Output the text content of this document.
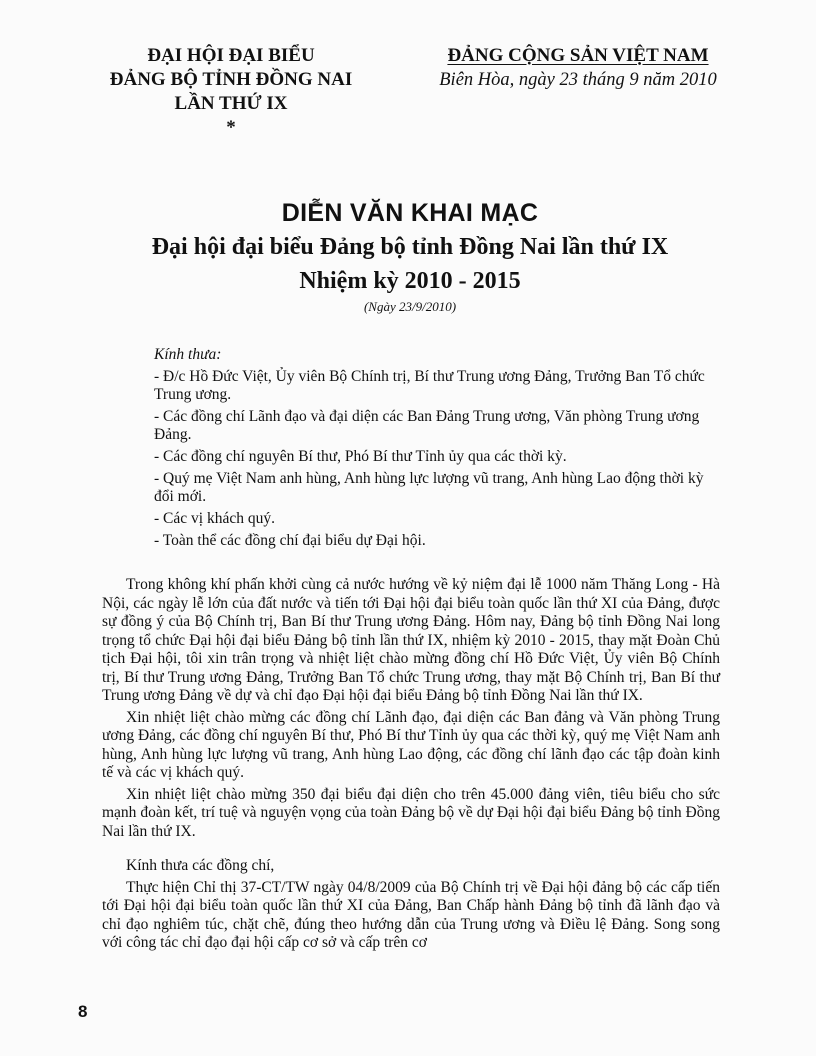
ĐẠI HỘI ĐẠI BIỂU
ĐẢNG BỘ TỈNH ĐỒNG NAI
LẦN THỨ IX
*
ĐẢNG CỘNG SẢN VIỆT NAM
Biên Hòa, ngày 23 tháng 9 năm 2010
DIỄN VĂN KHAI MẠC
Đại hội đại biểu Đảng bộ tỉnh Đồng Nai lần thứ IX
Nhiệm kỳ 2010 - 2015
(Ngày 23/9/2010)
Kính thưa:
- Đ/c Hồ Đức Việt, Ủy viên Bộ Chính trị, Bí thư Trung ương Đảng, Trưởng Ban Tổ chức Trung ương.
- Các đồng chí Lãnh đạo và đại diện các Ban Đảng Trung ương, Văn phòng Trung ương Đảng.
- Các đồng chí nguyên Bí thư, Phó Bí thư Tỉnh ủy qua các thời kỳ.
- Quý mẹ Việt Nam anh hùng, Anh hùng lực lượng vũ trang, Anh hùng Lao động thời kỳ đổi mới.
- Các vị khách quý.
- Toàn thể các đồng chí đại biểu dự Đại hội.

Trong không khí phấn khởi cùng cả nước hướng về kỷ niệm đại lễ 1000 năm Thăng Long - Hà Nội, các ngày lễ lớn của đất nước và tiến tới Đại hội đại biểu toàn quốc lần thứ XI của Đảng, được sự đồng ý của Bộ Chính trị, Ban Bí thư Trung ương Đảng. Hôm nay, Đảng bộ tỉnh Đồng Nai long trọng tổ chức Đại hội đại biểu Đảng bộ tỉnh lần thứ IX, nhiệm kỳ 2010 - 2015, thay mặt Đoàn Chủ tịch Đại hội, tôi xin trân trọng và nhiệt liệt chào mừng đồng chí Hồ Đức Việt, Ủy viên Bộ Chính trị, Bí thư Trung ương Đảng, Trưởng Ban Tổ chức Trung ương, thay mặt Bộ Chính trị, Ban Bí thư Trung ương Đảng về dự và chỉ đạo Đại hội đại biểu Đảng bộ tỉnh Đồng Nai lần thứ IX.

Xin nhiệt liệt chào mừng các đồng chí Lãnh đạo, đại diện các Ban đảng và Văn phòng Trung ương Đảng, các đồng chí nguyên Bí thư, Phó Bí thư Tỉnh ủy qua các thời kỳ, quý mẹ Việt Nam anh hùng, Anh hùng lực lượng vũ trang, Anh hùng Lao động, các đồng chí lãnh đạo các tập đoàn kinh tế và các vị khách quý.

Xin nhiệt liệt chào mừng 350 đại biểu đại diện cho trên 45.000 đảng viên, tiêu biểu cho sức mạnh đoàn kết, trí tuệ và nguyện vọng của toàn Đảng bộ về dự Đại hội đại biểu Đảng bộ tỉnh Đồng Nai lần thứ IX.

Kính thưa các đồng chí,

Thực hiện Chỉ thị 37-CT/TW ngày 04/8/2009 của Bộ Chính trị về Đại hội đảng bộ các cấp tiến tới Đại hội đại biểu toàn quốc lần thứ XI của Đảng, Ban Chấp hành Đảng bộ tỉnh đã lãnh đạo và chỉ đạo nghiêm túc, chặt chẽ, đúng theo hướng dẫn của Trung ương và Điều lệ Đảng. Song song với công tác chỉ đạo đại hội cấp cơ sở và cấp trên cơ

8
